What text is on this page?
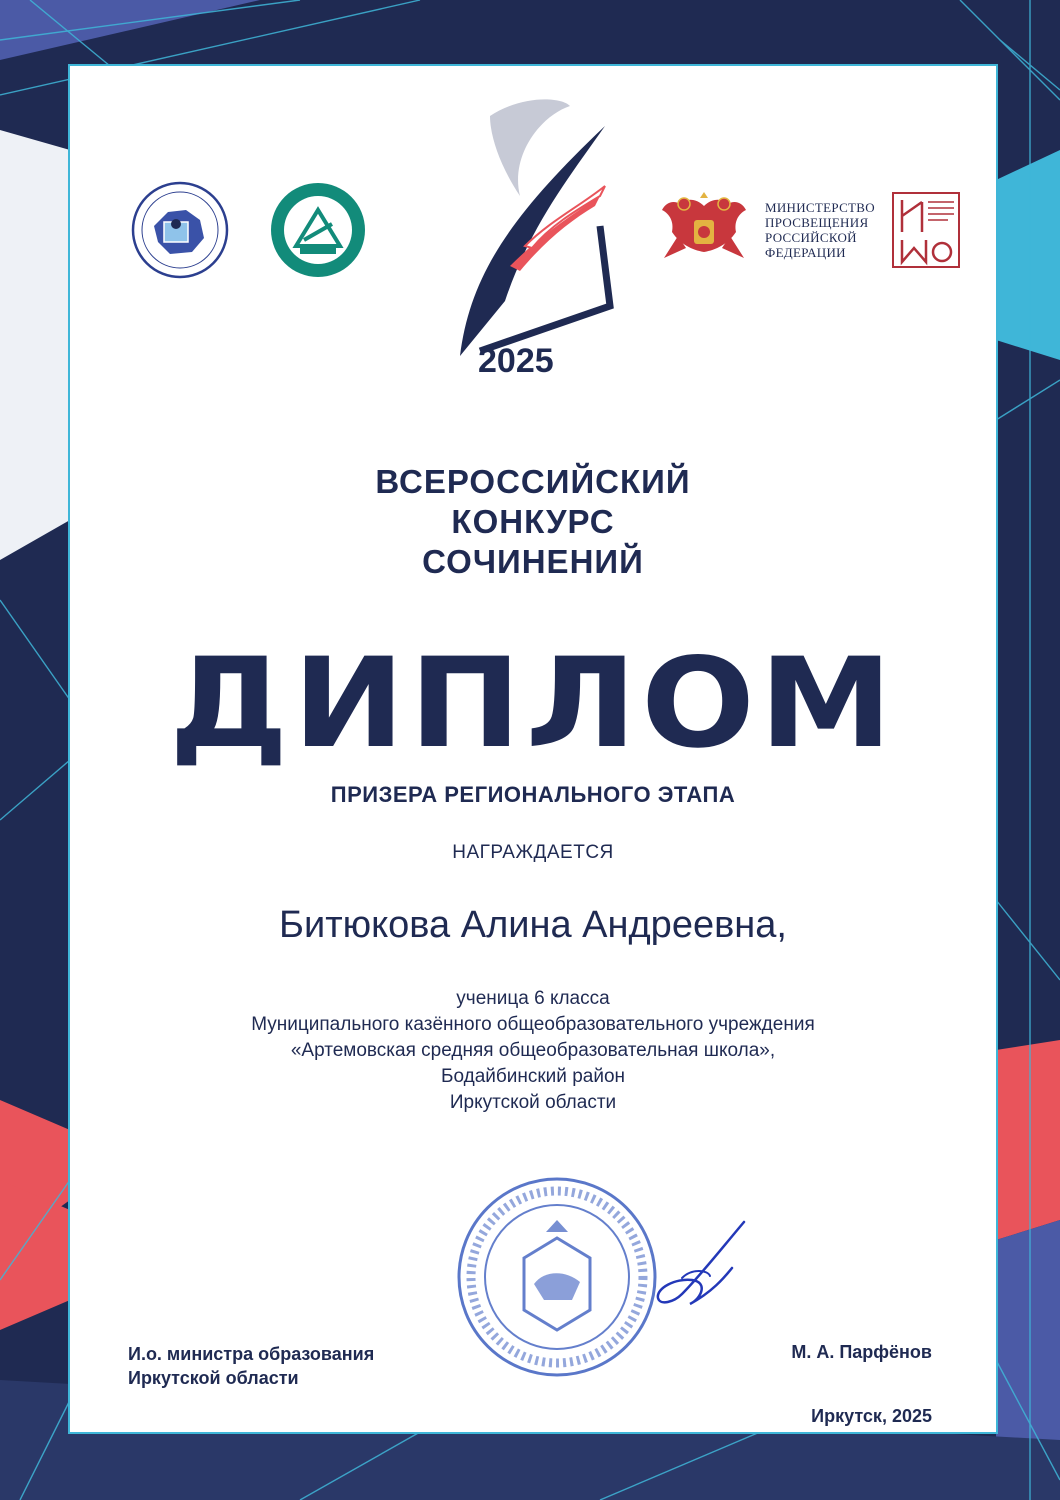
2025
МИНИСТЕРСТВО
ПРОСВЕЩЕНИЯ
РОССИЙСКОЙ
ФЕДЕРАЦИИ
ВСЕРОССИЙСКИЙ
КОНКУРС
СОЧИНЕНИЙ
ДИПЛОМ
ПРИЗЕРА РЕГИОНАЛЬНОГО ЭТАПА
НАГРАЖДАЕТСЯ
Битюкова Алина Андреевна,
ученица 6 класса
Муниципального казённого общеобразовательного учреждения
«Артемовская средняя общеобразовательная школа»,
Бодайбинский район
Иркутской области
И.о. министра образования
Иркутской области
М. А. Парфёнов
Иркутск, 2025
